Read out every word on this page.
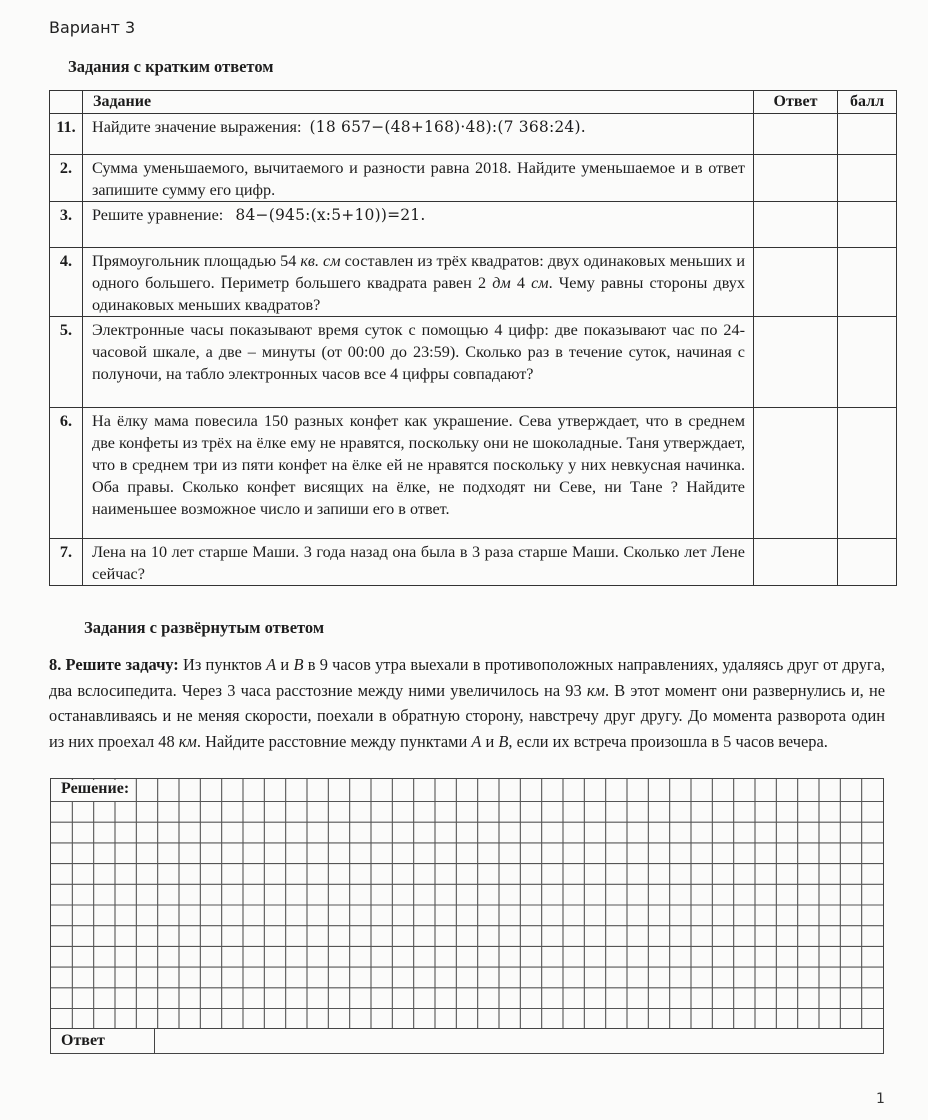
Вариант 3
Задания с кратким ответом
	Задание	Ответ	балл
11.	Найдите значение выражения: (18 657−(48+168)·48):(7 368:24).		
2.	Сумма уменьшаемого, вычитаемого и разности равна 2018. Найдите уменьшаемое и в ответ запишите сумму его цифр.		
3.	Решите уравнение: 84−(945:(x:5+10))=21.		
4.	Прямоугольник площадью 54 кв. см составлен из трёх квадратов: двух одинаковых меньших и одного большего. Периметр большего квадрата равен 2 дм 4 см. Чему равны стороны двух одинаковых меньших квадратов?		
5.	Электронные часы показывают время суток с помощью 4 цифр: две показывают час по 24-часовой шкале, а две – минуты (от 00:00 до 23:59). Сколько раз в течение суток, начиная с полуночи, на табло электронных часов все 4 цифры совпадают?		
6.	На ёлку мама повесила 150 разных конфет как украшение. Сева утверждает, что в среднем две конфеты из трёх на ёлке ему не нравятся, поскольку они не шоколадные. Таня утверждает, что в среднем три из пяти конфет на ёлке ей не нравятся поскольку у них невкусная начинка. Оба правы. Сколько конфет висящих на ёлке, не подходят ни Севе, ни Тане ? Найдите наименьшее возможное число и запиши его в ответ.		
7.	Лена на 10 лет старше Маши. 3 года назад она была в 3 раза старше Маши. Сколько лет Лене сейчас?		
Задания с развёрнутым ответом
8. Решите задачу: Из пунктов A и B в 9 часов утра выехали в противоположных направлениях, удаляясь друг от друга, два вслосипедита. Через 3 часа расстозние между ними увеличилось на 93 км. В этот момент они развернулись и, не останавливаясь и не меняя скорости, поехали в обратную сторону, навстречу друг другу. До момента разворота один из них проехал 48 км. Найдите расстовние между пунктами A и B, если их встреча произошла в 5 часов вечера.
Решение:
Ответ
1
